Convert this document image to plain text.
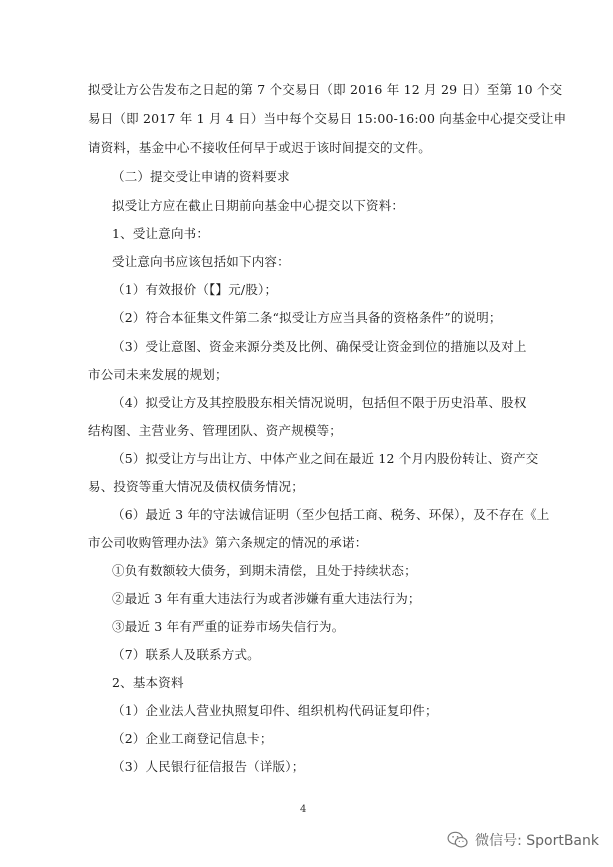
拟受让方公告发布之日起的第 7 个交易日（即 2016 年 12 月 29 日）至第 10 个交
易日（即 2017 年 1 月 4 日）当中每个交易日 15:00-16:00 向基金中心提交受让申
请资料，基金中心不接收任何早于或迟于该时间提交的文件。
（二）提交受让申请的资料要求
拟受让方应在截止日期前向基金中心提交以下资料：
1、受让意向书：
受让意向书应该包括如下内容：
（1）有效报价（【】元/股）；
（2）符合本征集文件第二条“拟受让方应当具备的资格条件”的说明；
（3）受让意图、资金来源分类及比例、确保受让资金到位的措施以及对上
市公司未来发展的规划；
（4）拟受让方及其控股股东相关情况说明，包括但不限于历史沿革、股权
结构图、主营业务、管理团队、资产规模等；
（5）拟受让方与出让方、中体产业之间在最近 12 个月内股份转让、资产交
易、投资等重大情况及债权债务情况；
（6）最近 3 年的守法诚信证明（至少包括工商、税务、环保），及不存在《上
市公司收购管理办法》第六条规定的情况的承诺：
①负有数额较大债务，到期未清偿，且处于持续状态；
②最近 3 年有重大违法行为或者涉嫌有重大违法行为；
③最近 3 年有严重的证券市场失信行为。
（7）联系人及联系方式。
2、基本资料
（1）企业法人营业执照复印件、组织机构代码证复印件；
（2）企业工商登记信息卡；
（3）人民银行征信报告（详版）；
4
微信号: SportBank
